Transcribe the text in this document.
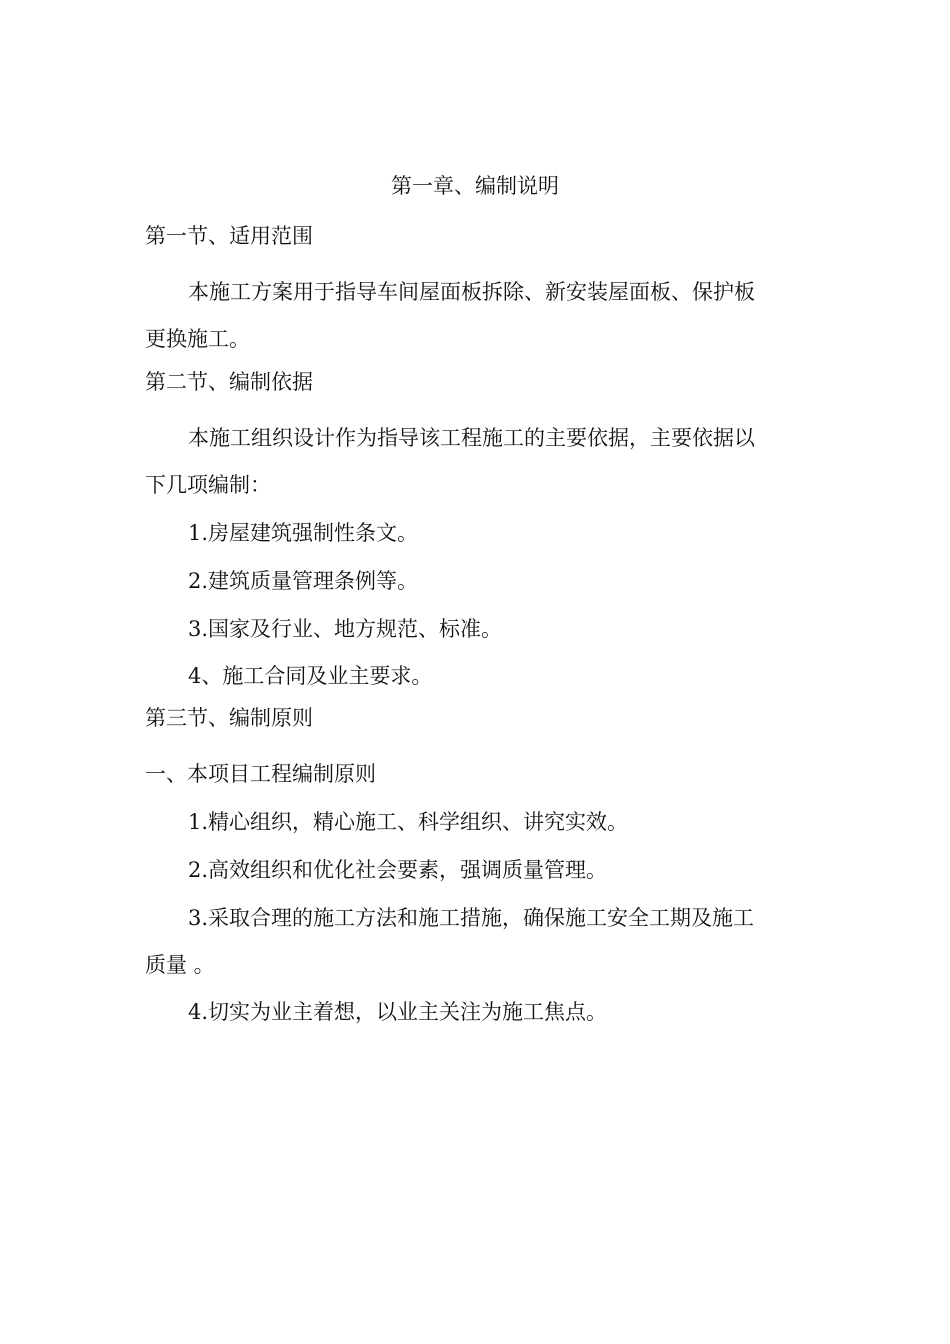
第一章、编制说明
第一节、适用范围
本施工方案用于指导车间屋面板拆除、新安装屋面板、保护板
更换施工。
第二节、编制依据
本施工组织设计作为指导该工程施工的主要依据，主要依据以
下几项编制：
1.房屋建筑强制性条文。
2.建筑质量管理条例等。
3.国家及行业、地方规范、标准。
4、施工合同及业主要求。
第三节、编制原则
一、本项目工程编制原则
1.精心组织，精心施工、科学组织、讲究实效。
2.高效组织和优化社会要素，强调质量管理。
3.采取合理的施工方法和施工措施，确保施工安全工期及施工
质量 。
4.切实为业主着想，以业主关注为施工焦点。
